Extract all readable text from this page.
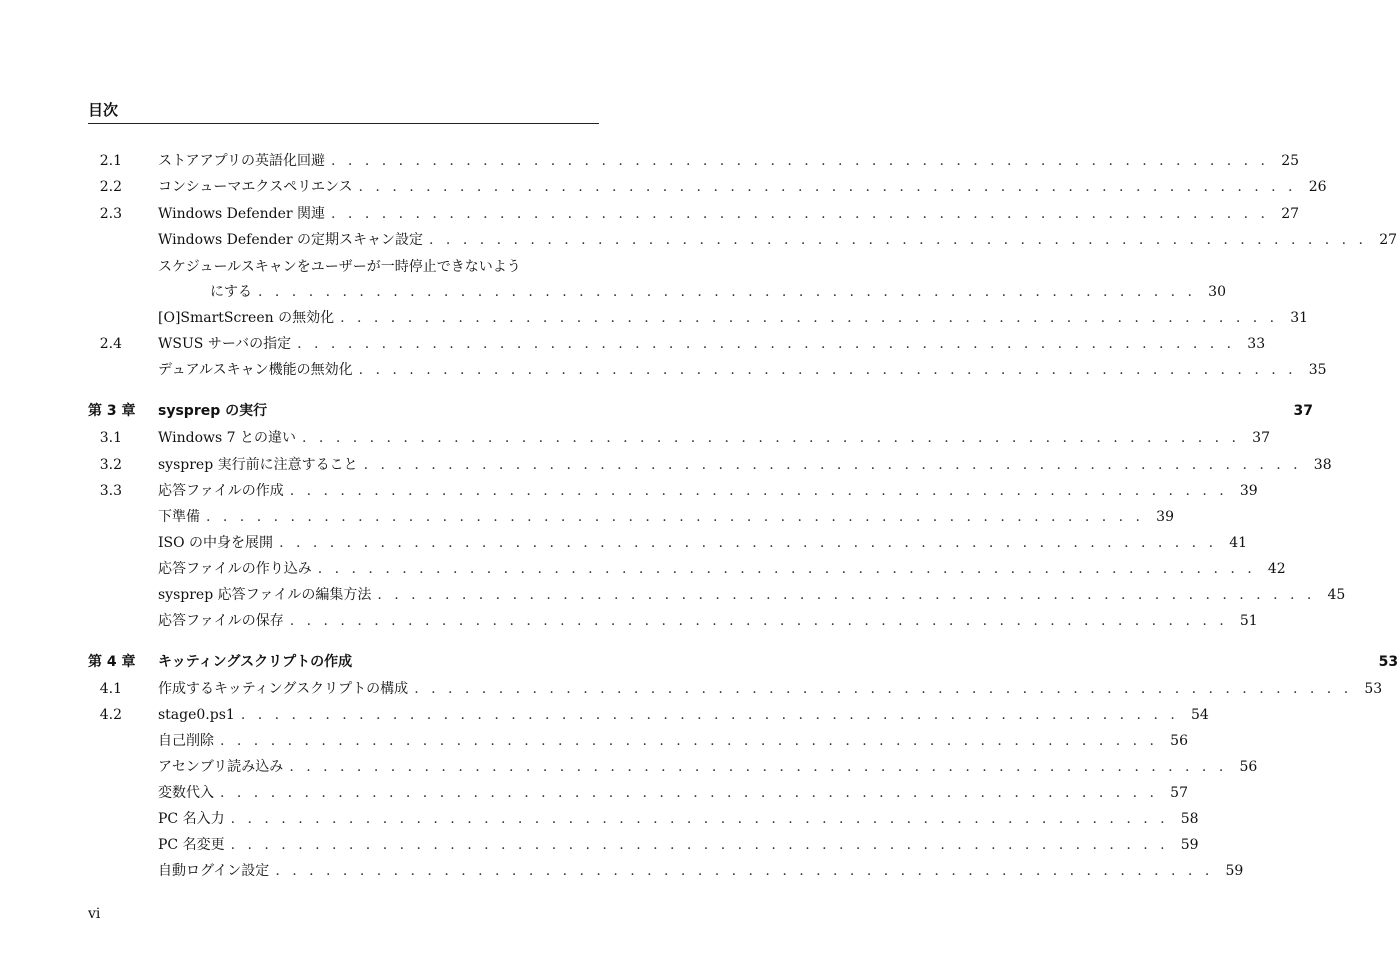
目次
2.1	ストアアプリの英語化回避 . . . . . . . . . . . . . . . . . . . . . . . . . . . . . . . . . . . . . . . . . . . . . . . . . . . . . . . . 25
2.2	コンシューマエクスペリエンス . . . . . . . . . . . . . . . . . . . . . . . . . . . . . . . . . . . . . . . . . . . . . . . . . . . . . . . . 26
2.3	Windows Defender 関連 . . . . . . . . . . . . . . . . . . . . . . . . . . . . . . . . . . . . . . . . . . . . . . . . . . . . . . . . 27
Windows Defender の定期スキャン設定 . . . . . . . . . . . . . . . . . . . . . . . . . . . . . . . . . . . . . . . . . . . . . . . . . . . . . . . . 27
スケジュールスキャンをユーザーが一時停止できないよう
にする . . . . . . . . . . . . . . . . . . . . . . . . . . . . . . . . . . . . . . . . . . . . . . . . . . . . . . . . 30
[O]SmartScreen の無効化 . . . . . . . . . . . . . . . . . . . . . . . . . . . . . . . . . . . . . . . . . . . . . . . . . . . . . . . . 31
2.4	WSUS サーバの指定 . . . . . . . . . . . . . . . . . . . . . . . . . . . . . . . . . . . . . . . . . . . . . . . . . . . . . . . . 33
デュアルスキャン機能の無効化 . . . . . . . . . . . . . . . . . . . . . . . . . . . . . . . . . . . . . . . . . . . . . . . . . . . . . . . . 35
第 3 章	sysprep の実行	37
3.1	Windows 7 との違い . . . . . . . . . . . . . . . . . . . . . . . . . . . . . . . . . . . . . . . . . . . . . . . . . . . . . . . . 37
3.2	sysprep 実行前に注意すること . . . . . . . . . . . . . . . . . . . . . . . . . . . . . . . . . . . . . . . . . . . . . . . . . . . . . . . . 38
3.3	応答ファイルの作成 . . . . . . . . . . . . . . . . . . . . . . . . . . . . . . . . . . . . . . . . . . . . . . . . . . . . . . . . 39
下準備 . . . . . . . . . . . . . . . . . . . . . . . . . . . . . . . . . . . . . . . . . . . . . . . . . . . . . . . . 39
ISO の中身を展開 . . . . . . . . . . . . . . . . . . . . . . . . . . . . . . . . . . . . . . . . . . . . . . . . . . . . . . . . 41
応答ファイルの作り込み . . . . . . . . . . . . . . . . . . . . . . . . . . . . . . . . . . . . . . . . . . . . . . . . . . . . . . . . 42
sysprep 応答ファイルの編集方法 . . . . . . . . . . . . . . . . . . . . . . . . . . . . . . . . . . . . . . . . . . . . . . . . . . . . . . . . 45
応答ファイルの保存 . . . . . . . . . . . . . . . . . . . . . . . . . . . . . . . . . . . . . . . . . . . . . . . . . . . . . . . . 51
第 4 章	キッティングスクリプトの作成	53
4.1	作成するキッティングスクリプトの構成 . . . . . . . . . . . . . . . . . . . . . . . . . . . . . . . . . . . . . . . . . . . . . . . . . . . . . . . . 53
4.2	stage0.ps1 . . . . . . . . . . . . . . . . . . . . . . . . . . . . . . . . . . . . . . . . . . . . . . . . . . . . . . . . 54
自己削除 . . . . . . . . . . . . . . . . . . . . . . . . . . . . . . . . . . . . . . . . . . . . . . . . . . . . . . . . 56
アセンブリ読み込み . . . . . . . . . . . . . . . . . . . . . . . . . . . . . . . . . . . . . . . . . . . . . . . . . . . . . . . . 56
変数代入 . . . . . . . . . . . . . . . . . . . . . . . . . . . . . . . . . . . . . . . . . . . . . . . . . . . . . . . . 57
PC 名入力 . . . . . . . . . . . . . . . . . . . . . . . . . . . . . . . . . . . . . . . . . . . . . . . . . . . . . . . . 58
PC 名変更 . . . . . . . . . . . . . . . . . . . . . . . . . . . . . . . . . . . . . . . . . . . . . . . . . . . . . . . . 59
自動ログイン設定 . . . . . . . . . . . . . . . . . . . . . . . . . . . . . . . . . . . . . . . . . . . . . . . . . . . . . . . . 59
vi
